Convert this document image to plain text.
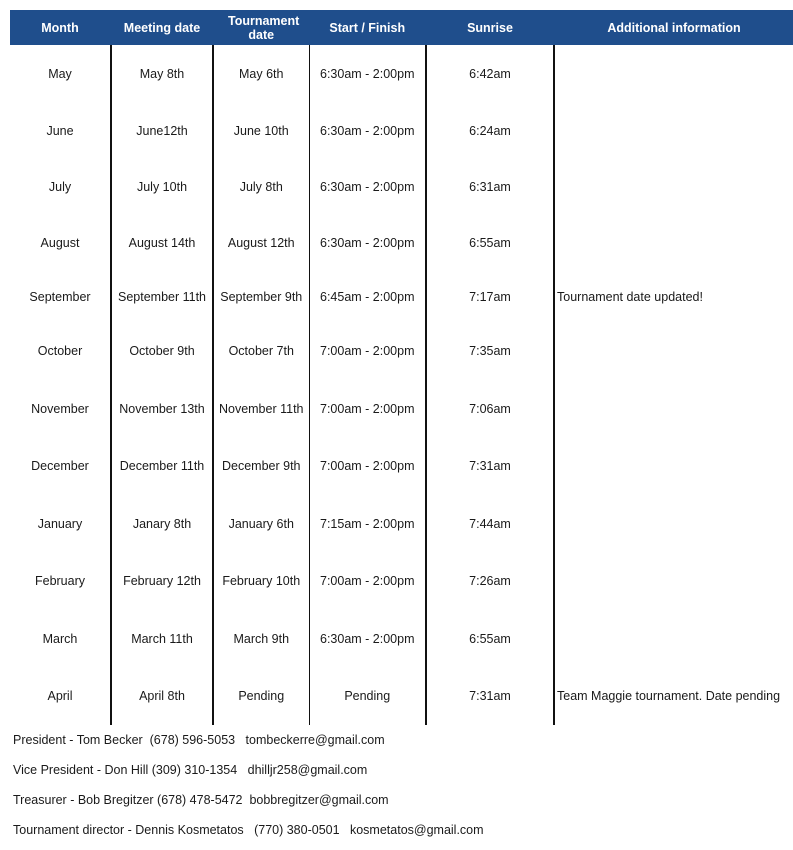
Month	Meeting date	Tournament date	Start / Finish	Sunrise	Additional information
May	May 8th	May 6th	6:30am - 2:00pm	6:42am	
June	June12th	June 10th	6:30am - 2:00pm	6:24am	
July	July 10th	July 8th	6:30am - 2:00pm	6:31am	
August	August 14th	August 12th	6:30am - 2:00pm	6:55am	
September	September 11th	September 9th	6:45am - 2:00pm	7:17am	Tournament date updated!
October	October 9th	October 7th	7:00am - 2:00pm	7:35am	
November	November 13th	November 11th	7:00am - 2:00pm	7:06am	
December	December 11th	December 9th	7:00am - 2:00pm	7:31am	
January	Janary 8th	January 6th	7:15am - 2:00pm	7:44am	
February	February 12th	February 10th	7:00am - 2:00pm	7:26am	
March	March 11th	March 9th	6:30am - 2:00pm	6:55am	
April	April 8th	Pending	Pending	7:31am	Team Maggie tournament. Date pending
President - Tom Becker  (678) 596-5053   tombeckerre@gmail.com
Vice President - Don Hill (309) 310-1354   dhilljr258@gmail.com
Treasurer - Bob Bregitzer (678) 478-5472  bobbregitzer@gmail.com
Tournament director - Dennis Kosmetatos   (770) 380-0501   kosmetatos@gmail.com
